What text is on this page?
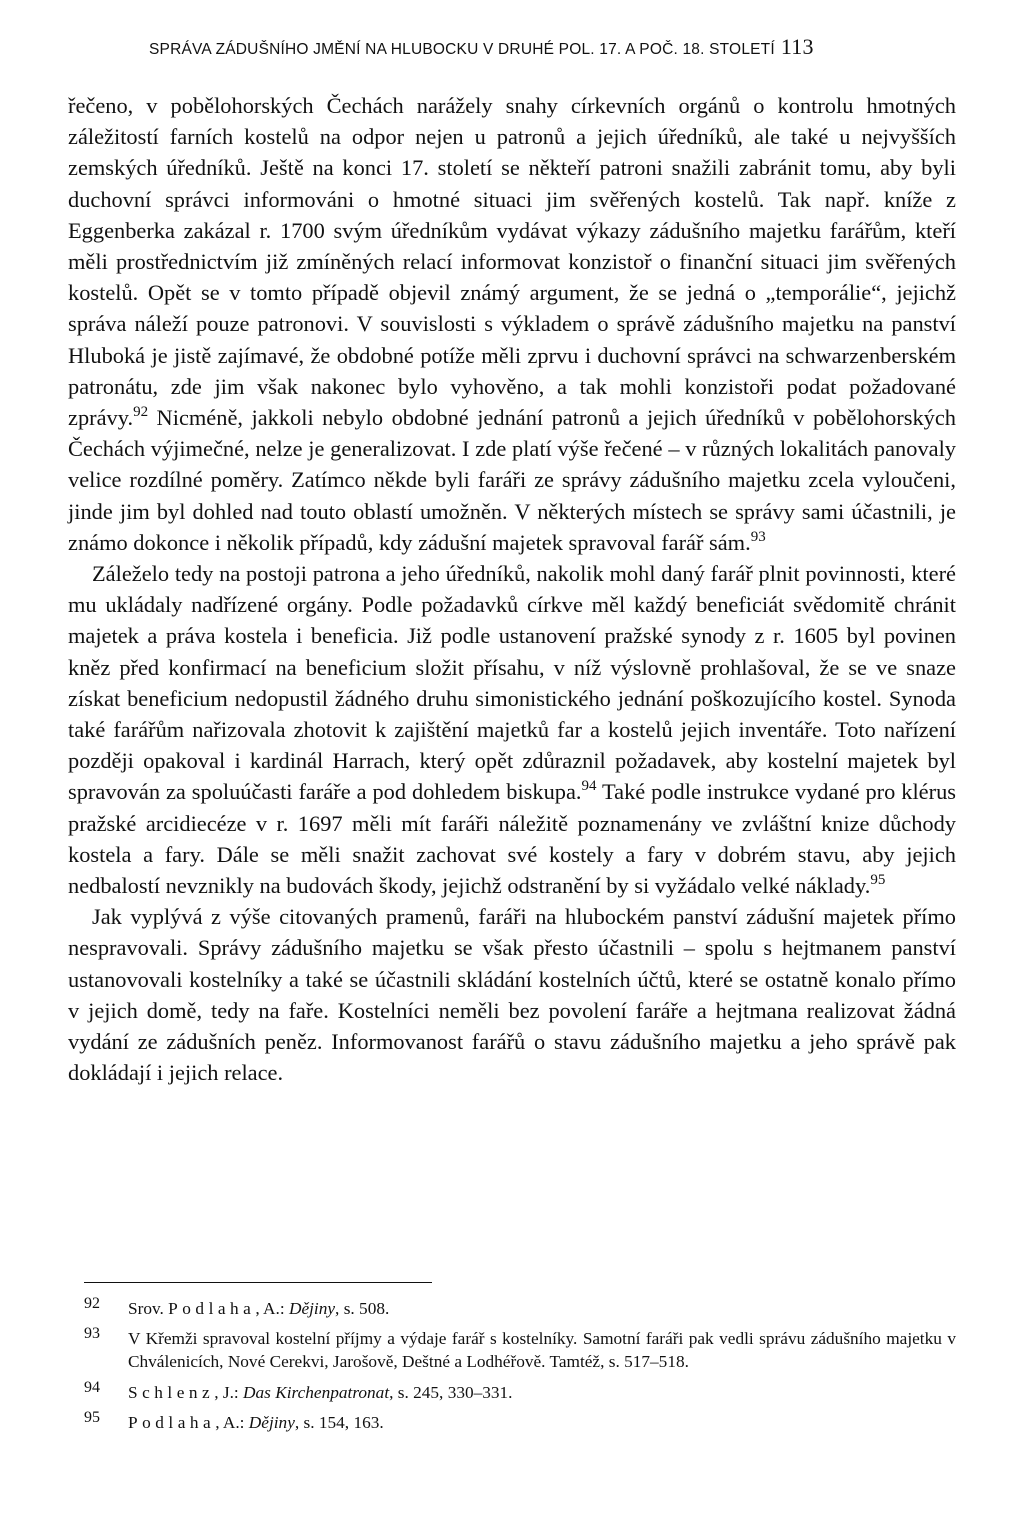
SPRÁVA ZÁDUŠNÍHO JMĚNÍ NA HLUBOCKU V DRUHÉ POL. 17. A POČ. 18. STOLETÍ 113

řečeno, v pobělohorských Čechách narážely snahy církevních orgánů o kontrolu hmotných záležitostí farních kostelů na odpor nejen u patronů a jejich úředníků, ale také u nejvyšších zemských úředníků. Ještě na konci 17. století se někteří patroni snažili zabránit tomu, aby byli duchovní správci informováni o hmotné situaci jim svěřených kostelů. Tak např. kníže z Eggenberka zakázal r. 1700 svým úředníkům vydávat výkazy zádušního majetku farářům, kteří měli prostřednictvím již zmíněných relací informovat konzistoř o finanční situaci jim svěřených kostelů. Opět se v tomto případě objevil známý argument, že se jedná o „temporálie“, jejichž správa náleží pouze patronovi. V souvislosti s výkladem o správě zádušního majetku na panství Hluboká je jistě zajímavé, že obdobné potíže měli zprvu i duchovní správci na schwarzenberském patronátu, zde jim však nakonec bylo vyhověno, a tak mohli konzistoři podat požadované zprávy.$^{92}$ Nicméně, jakkoli nebylo obdobné jednání patronů a jejich úředníků v pobělohorských Čechách výjimečné, nelze je generalizovat. I zde platí výše řečené – v různých lokalitách panovaly velice rozdílné poměry. Zatímco někde byli faráři ze správy zádušního majetku zcela vyloučeni, jinde jim byl dohled nad touto oblastí umožněn. V některých místech se správy sami účastnili, je známo dokonce i několik případů, kdy zádušní majetek spravoval farář sám.$^{93}$

Záleželo tedy na postoji patrona a jeho úředníků, nakolik mohl daný farář plnit povinnosti, které mu ukládaly nadřízené orgány. Podle požadavků církve měl každý beneficiát svědomitě chránit majetek a práva kostela i beneficia. Již podle ustanovení pražské synody z r. 1605 byl povinen kněz před konfirmací na beneficium složit přísahu, v níž výslovně prohlašoval, že se ve snaze získat beneficium nedopustil žádného druhu simonistického jednání poškozujícího kostel. Synoda také farářům nařizovala zhotovit k zajištění majetků far a kostelů jejich inventáře. Toto nařízení později opakoval i kardinál Harrach, který opět zdůraznil požadavek, aby kostelní majetek byl spravován za spoluúčasti faráře a pod dohledem biskupa.$^{94}$ Také podle instrukce vydané pro klérus pražské arcidiecéze v r. 1697 měli mít faráři náležitě poznamenány ve zvláštní knize důchody kostela a fary. Dále se měli snažit zachovat své kostely a fary v dobrém stavu, aby jejich nedbalostí nevznikly na budovách škody, jejichž odstranění by si vyžádalo velké náklady.$^{95}$

Jak vyplývá z výše citovaných pramenů, faráři na hlubockém panství zádušní majetek přímo nespravovali. Správy zádušního majetku se však přesto účastnili – spolu s hejtmanem panství ustanovovali kostelníky a také se účastnili skládání kostelních účtů, které se ostatně konalo přímo v jejich domě, tedy na faře. Kostelníci neměli bez povolení faráře a hejtmana realizovat žádná vydání ze zádušních peněz. Informovanost farářů o stavu zádušního majetku a jeho správě pak dokládají i jejich relace.

92	Srov. Podlaha, A.: Dějiny, s. 508.
93	V Křemži spravoval kostelní příjmy a výdaje farář s kostelníky. Samotní faráři pak vedli správu zádušního majetku v Chválenicích, Nové Cerekvi, Jarošově, Deštné a Lodhéřově. Tamtéž, s. 517–518.
94	Schlenz, J.: Das Kirchenpatronat, s. 245, 330–331.
95	Podlaha, A.: Dějiny, s. 154, 163.
